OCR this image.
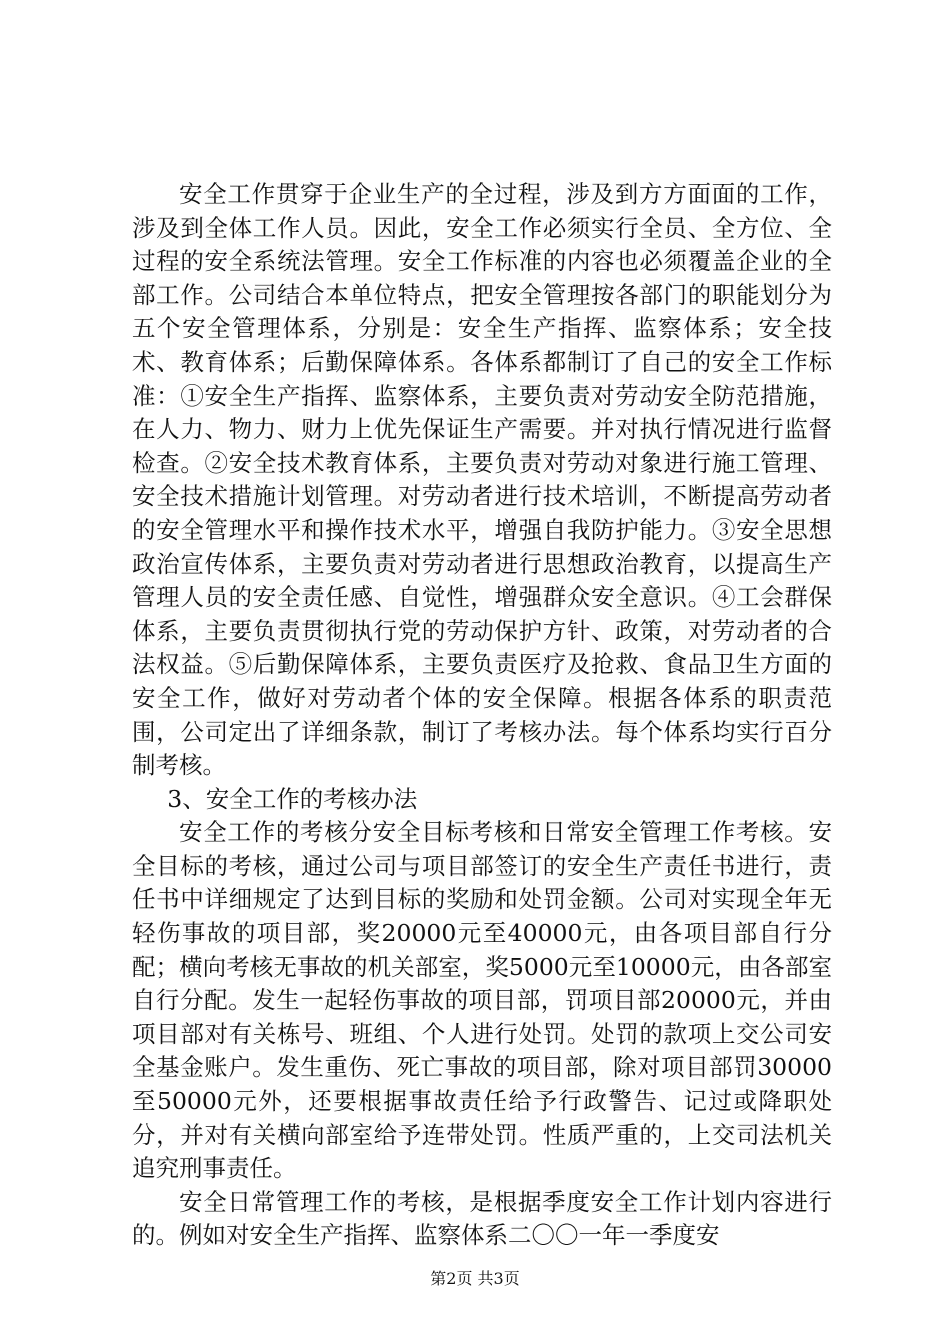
安全工作贯穿于企业生产的全过程，涉及到方方面面的工作，涉及到全体工作人员。因此，安全工作必须实行全员、全方位、全过程的安全系统法管理。安全工作标准的内容也必须覆盖企业的全部工作。公司结合本单位特点，把安全管理按各部门的职能划分为五个安全管理体系，分别是：安全生产指挥、监察体系；安全技术、教育体系；后勤保障体系。各体系都制订了自己的安全工作标准：①安全生产指挥、监察体系，主要负责对劳动安全防范措施，在人力、物力、财力上优先保证生产需要。并对执行情况进行监督检查。②安全技术教育体系，主要负责对劳动对象进行施工管理、安全技术措施计划管理。对劳动者进行技术培训，不断提高劳动者的安全管理水平和操作技术水平，增强自我防护能力。③安全思想政治宣传体系，主要负责对劳动者进行思想政治教育，以提高生产管理人员的安全责任感、自觉性，增强群众安全意识。④工会群保体系，主要负责贯彻执行党的劳动保护方针、政策，对劳动者的合法权益。⑤后勤保障体系，主要负责医疗及抢救、食品卫生方面的安全工作，做好对劳动者个体的安全保障。根据各体系的职责范围，公司定出了详细条款，制订了考核办法。每个体系均实行百分制考核。

3、安全工作的考核办法

安全工作的考核分安全目标考核和日常安全管理工作考核。安全目标的考核，通过公司与项目部签订的安全生产责任书进行，责任书中详细规定了达到目标的奖励和处罚金额。公司对实现全年无轻伤事故的项目部，奖20000元至40000元，由各项目部自行分配；横向考核无事故的机关部室，奖5000元至10000元，由各部室自行分配。发生一起轻伤事故的项目部，罚项目部20000元，并由项目部对有关栋号、班组、个人进行处罚。处罚的款项上交公司安全基金账户。发生重伤、死亡事故的项目部，除对项目部罚30000至50000元外，还要根据事故责任给予行政警告、记过或降职处分，并对有关横向部室给予连带处罚。性质严重的，上交司法机关追究刑事责任。

安全日常管理工作的考核，是根据季度安全工作计划内容进行的。例如对安全生产指挥、监察体系二〇〇一年一季度安

第2页 共3页
